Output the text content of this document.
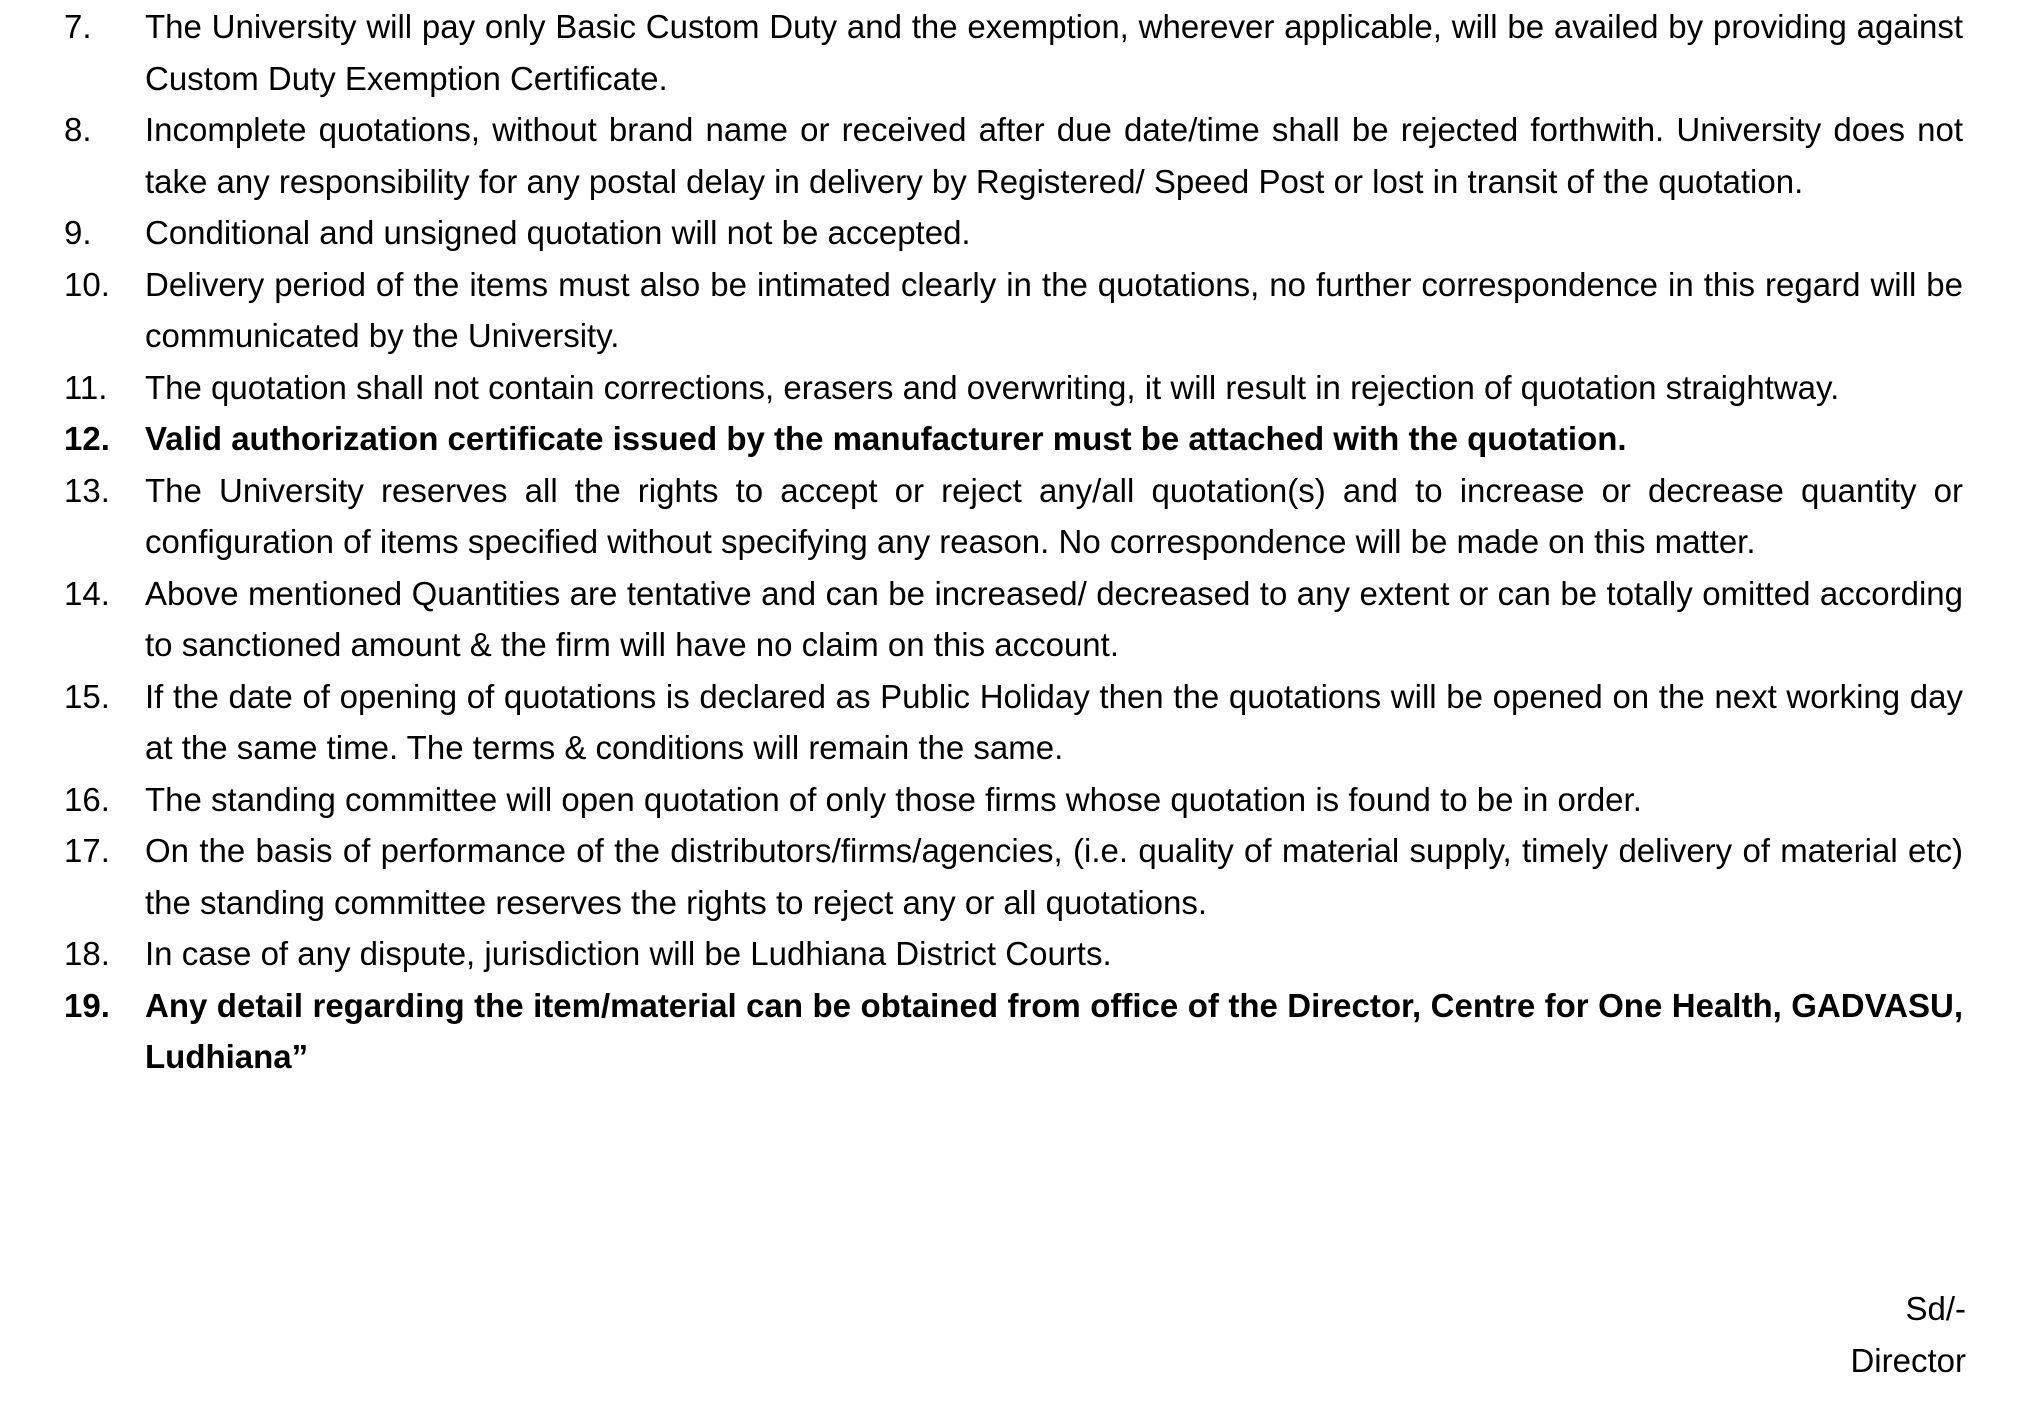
7.	The University will pay only Basic Custom Duty and the exemption, wherever applicable, will be availed by providing against Custom Duty Exemption Certificate.
8.	Incomplete quotations, without brand name or received after due date/time shall be rejected forthwith. University does not take any responsibility for any postal delay in delivery by Registered/ Speed Post or lost in transit of the quotation.
9.	Conditional and unsigned quotation will not be accepted.
10.	Delivery period of the items must also be intimated clearly in the quotations, no further correspondence in this regard will be communicated by the University.
11.	The quotation shall not contain corrections, erasers and overwriting, it will result in rejection of quotation straightway.
12.	Valid authorization certificate issued by the manufacturer must be attached with the quotation.
13.	The University reserves all the rights to accept or reject any/all quotation(s) and to increase or decrease quantity or configuration of items specified without specifying any reason. No correspondence will be made on this matter.
14.	Above mentioned Quantities are tentative and can be increased/ decreased to any extent or can be totally omitted according to sanctioned amount & the firm will have no claim on this account.
15.	If the date of opening of quotations is declared as Public Holiday then the quotations will be opened on the next working day at the same time. The terms & conditions will remain the same.
16.	The standing committee will open quotation of only those firms whose quotation is found to be in order.
17.	On the basis of performance of the distributors/firms/agencies, (i.e. quality of material supply, timely delivery of material etc) the standing committee reserves the rights to reject any or all quotations.
18.	In case of any dispute, jurisdiction will be Ludhiana District Courts.
19.	Any detail regarding the item/material can be obtained from office of the Director, Centre for One Health, GADVASU, Ludhiana”
Sd/-
Director
